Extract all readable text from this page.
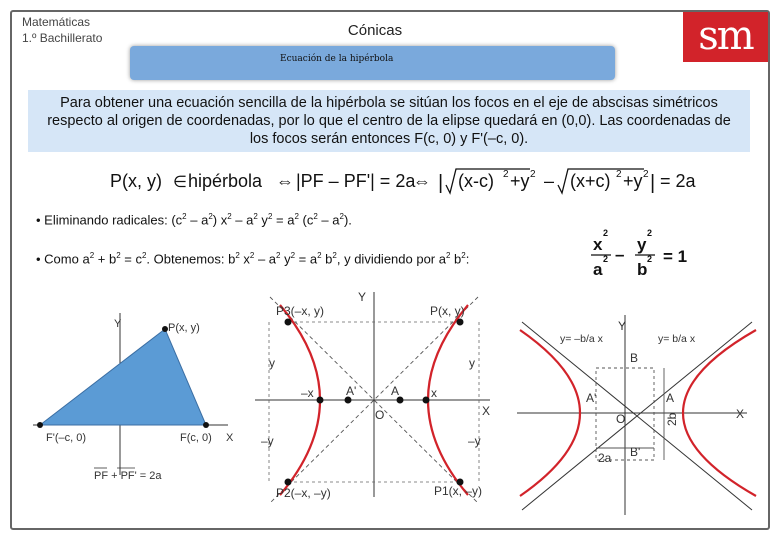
Matemáticas
1.º Bachillerato	Cónicas	sm
Ecuación de la hipérbola
Para obtener una ecuación sencilla de la hipérbola se sitúan los focos en el eje de abscisas simétricos respecto al origen de coordenadas, por lo que el centro de la elipse quedará en (0,0). Las coordenadas de los focos serán entonces F(c, 0) y F'(–c, 0).
P(x, y) ∈ hipérbola ⇔ |PF – PF'| = 2a
⇔ | (x-c) 2 +y 2 – (x+c) 2 +y 2 | = 2a
• Eliminando radicales: $(c^2 - a^2)$ $x^2 - a^2$ $y^2 = a^2$ $(c^2 - a^2)$.
• Como $a^2 + b^2 = c^2$. Obtenemos: $b^2$ $x^2 - a^2$ $y^2 = a^2$ $b^2$, y dividiendo por $a^2$ $b^2$:
x
2
a
2 –
y
2
b
2 = 1
Y
X
P(x, y)
F'(–c, 0)	F(c, 0)
PF + PF' = 2a
Y
X
P3(–x, y)	P(x, y)
P2(–x, –y)	P1(x, –y)
y	y
–y	–y
–x	A'	A	x
O
Y
X
y= –b/a x	y= b/a x
B
B'
A
A'
O	2b
2a
